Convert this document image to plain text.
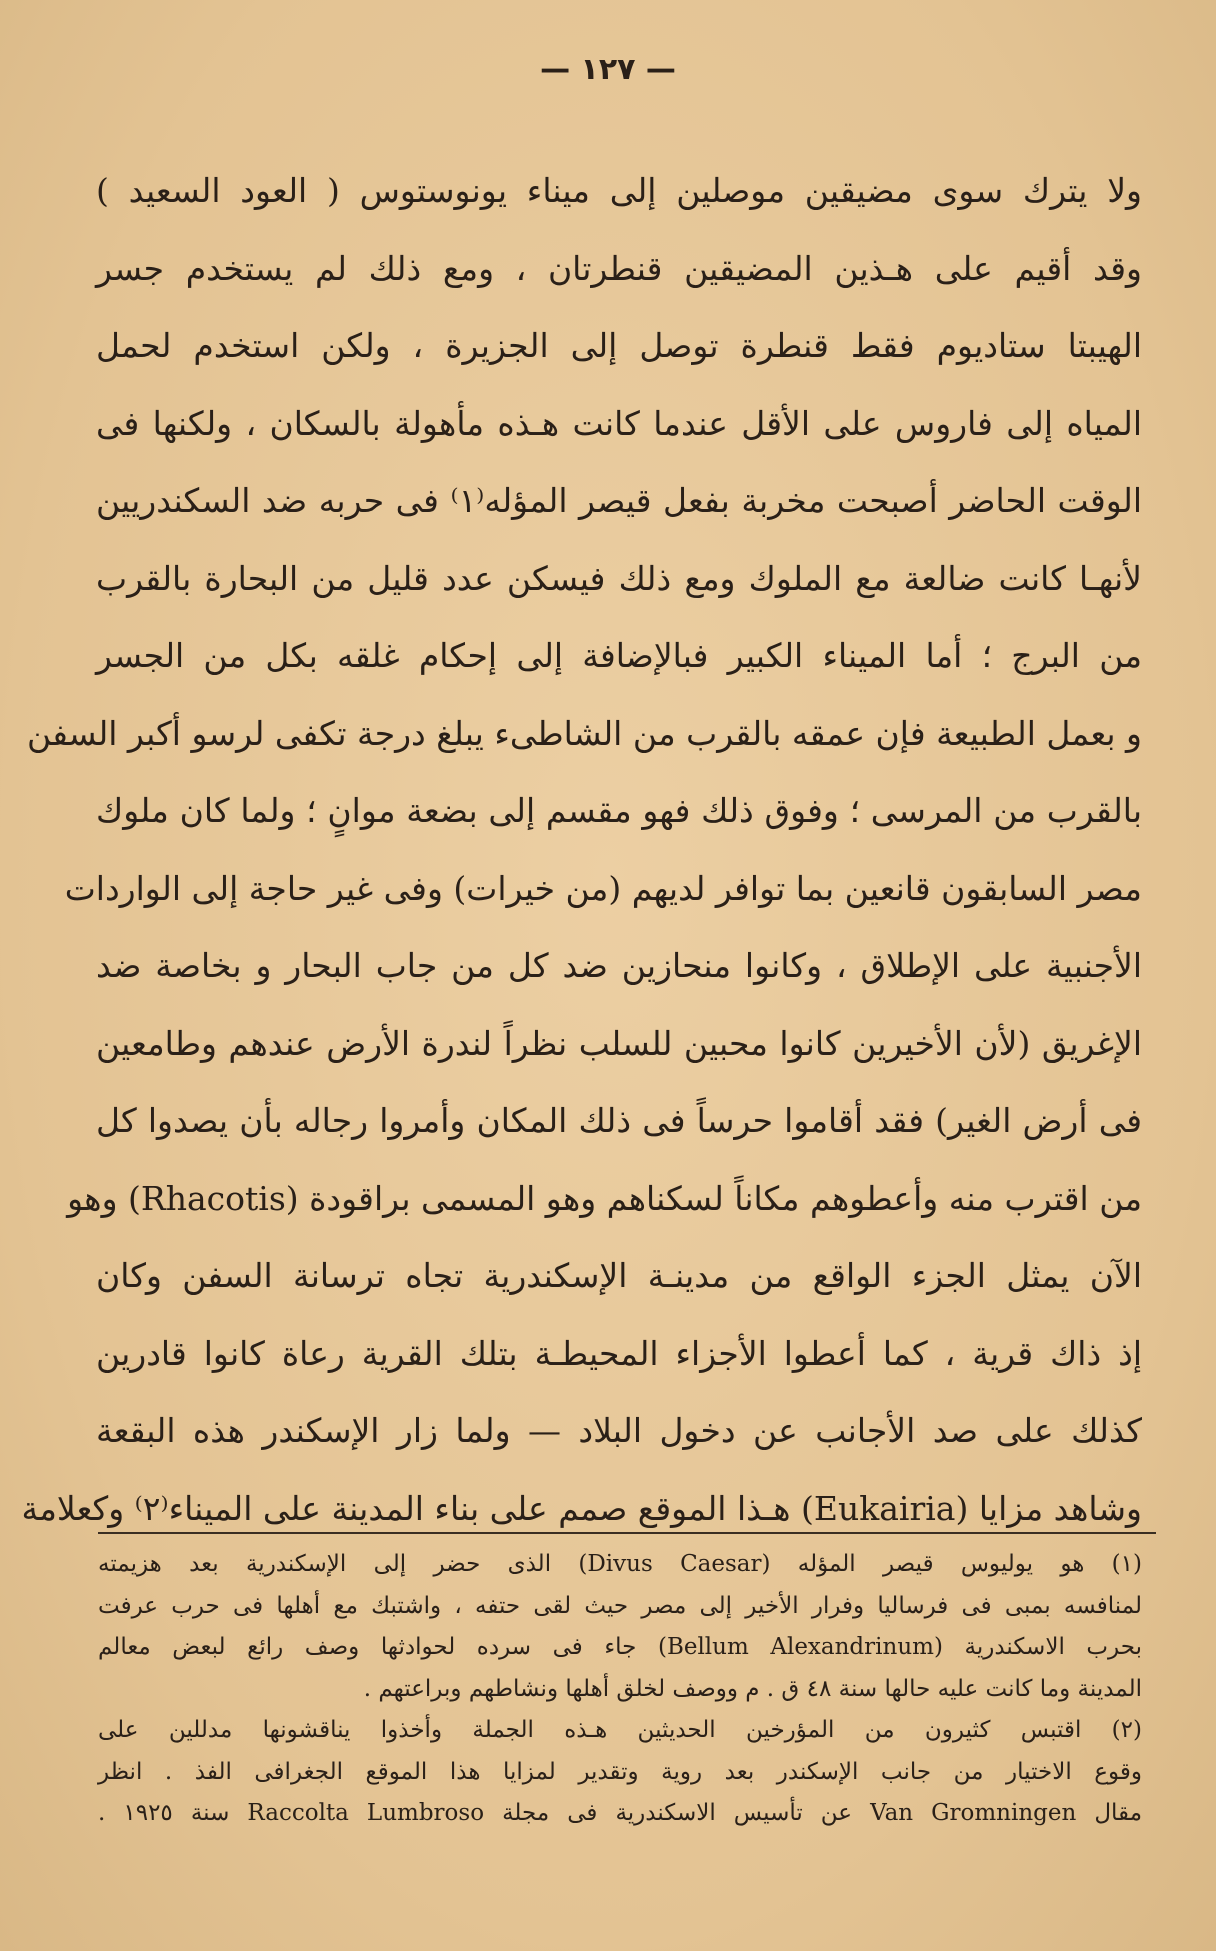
— ١٢٧ —
ولا يترك سوى مضيقين موصلين إلى ميناء يونوستوس ( العود السعيد )
وقد أقيم على هـذين المضيقين قنطرتان ، ومع ذلك لم يستخدم جسر
الهيبتا ستاديوم فقط قنطرة توصل إلى الجزيرة ، ولكن استخدم لحمل
المياه إلى فاروس على الأقل عندما كانت هـذه مأهولة بالسكان ، ولكنها فى
الوقت الحاضر أصبحت مخربة بفعل قيصر المؤله⁽١⁾ فى حربه ضد السكندريين
لأنهـا كانت ضالعة مع الملوك ومع ذلك فيسكن عدد قليل من البحارة بالقرب
من البرج ؛ أما الميناء الكبير فبالإضافة إلى إحكام غلقه بكل من الجسر
و بعمل الطبيعة فإن عمقه بالقرب من الشاطىء يبلغ درجة تكفى لرسو أكبر السفن
بالقرب من المرسى ؛ وفوق ذلك فهو مقسم إلى بضعة موانٍ ؛ ولما كان ملوك
مصر السابقون قانعين بما توافر لديهم (من خيرات) وفى غير حاجة إلى الواردات
الأجنبية على الإطلاق ، وكانوا منحازين ضد كل من جاب البحار و بخاصة ضد
الإغريق (لأن الأخيرين كانوا محبين للسلب نظراً لندرة الأرض عندهم وطامعين
فى أرض الغير) فقد أقاموا حرساً فى ذلك المكان وأمروا رجاله بأن يصدوا كل
من اقترب منه وأعطوهم مكاناً لسكناهم وهو المسمى براقودة (Rhacotis) وهو
الآن يمثل الجزء الواقع من مدينـة الإسكندرية تجاه ترسانة السفن وكان
إذ ذاك قرية ، كما أعطوا الأجزاء المحيطـة بتلك القرية رعاة كانوا قادرين
كذلك على صد الأجانب عن دخول البلاد — ولما زار الإسكندر هذه البقعة
وشاهد مزايا (Eukairia) هـذا الموقع صمم على بناء المدينة على الميناء⁽٢⁾ وكعلامة
(١) هو يوليوس قيصر المؤله (Divus Caesar) الذى حضر إلى الإسكندرية بعد هزيمته
لمنافسه بمبى فى فرساليا وفرار الأخير إلى مصر حيث لقى حتفه ، واشتبك مع أهلها فى حرب عرفت
بحرب الاسكندرية (Bellum Alexandrinum) جاء فى سرده لحوادثها وصف رائع لبعض معالم
المدينة وما كانت عليه حالها سنة ٤٨ ق . م ووصف لخلق أهلها ونشاطهم وبراعتهم .
(٢) اقتبس كثيرون من المؤرخين الحديثين هـذه الجملة وأخذوا يناقشونها مدللين على
وقوع الاختيار من جانب الإسكندر بعد روية وتقدير لمزايا هذا الموقع الجغرافى الفذ . انظر
مقال Van Gromningen عن تأسيس الاسكندرية فى مجلة Raccolta Lumbroso سنة ١٩٢٥ .
